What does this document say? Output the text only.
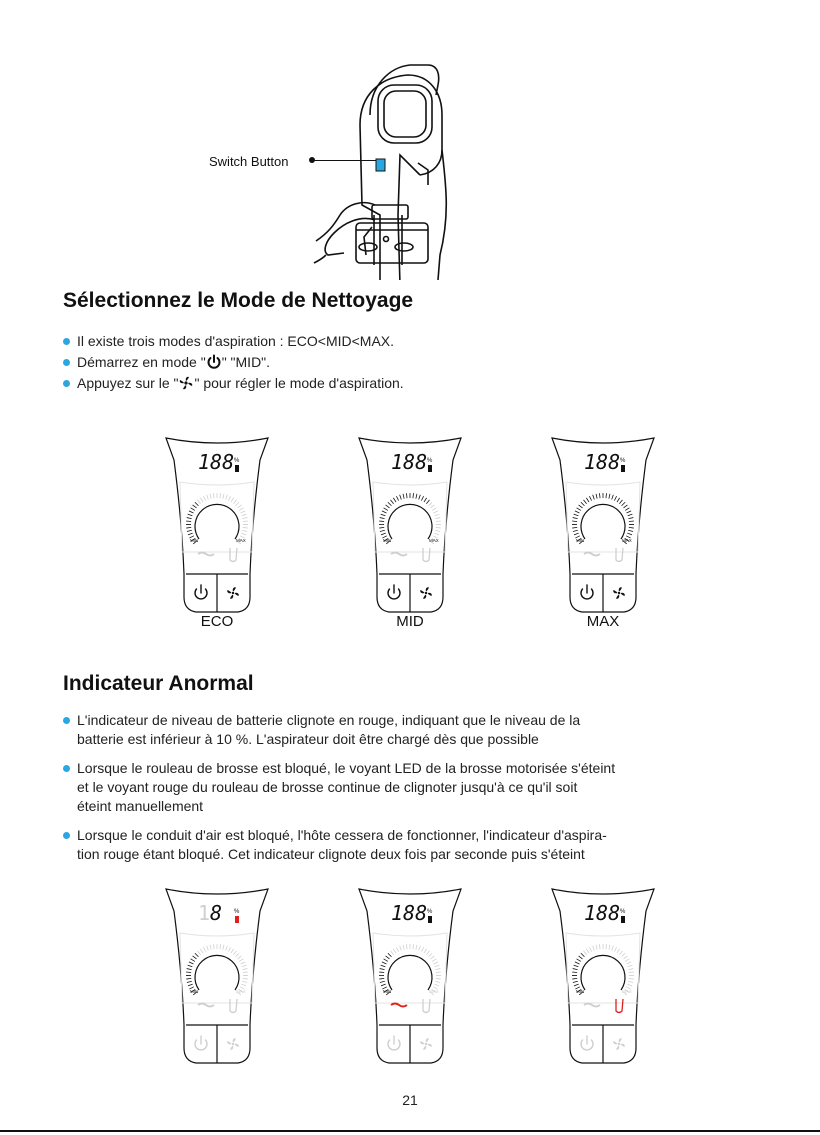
Switch Button
Sélectionnez le Mode de Nettoyage
Il existe trois modes d'aspiration : ECO<MID<MAX.
Démarrez en mode " " "MID".
Appuyez sur le " " pour régler le mode d'aspiration.
188 %
MIN	MAX
188 %
MIN	MAX
188 %
MIN	MAX
ECO	MID	MAX
Indicateur Anormal
L'indicateur de niveau de batterie clignote en rouge, indiquant que le niveau de la
batterie est inférieur à 10 %. L'aspirateur doit être chargé dès que possible
Lorsque le rouleau de brosse est bloqué, le voyant LED de la brosse motorisée s'éteint
et le voyant rouge du rouleau de brosse continue de clignoter jusqu'à ce qu'il soit
éteint manuellement
Lorsque le conduit d'air est bloqué, l'hôte cessera de fonctionner, l'indicateur d'aspira-
tion rouge étant bloqué. Cet indicateur clignote deux fois par seconde puis s'éteint
1 8 %
MIN	MAX
188 %
MIN	MAX
188 %
MIN	MAX
21
